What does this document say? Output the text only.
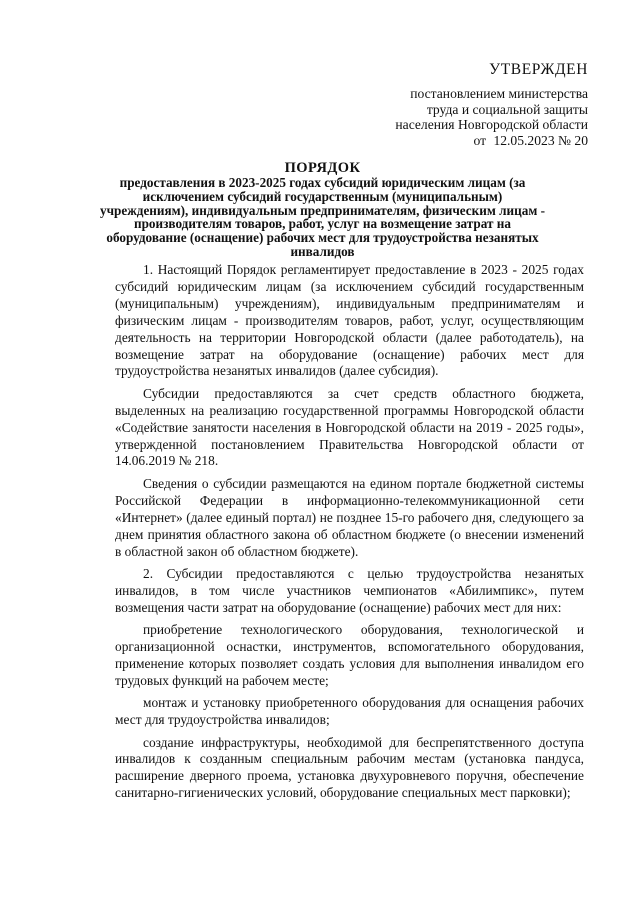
УТВЕРЖДЕН
постановлением министерства
труда и социальной защиты
населения Новгородской области
от 12.05.2023 № 20
ПОРЯДОК
предоставления в 2023-2025 годах субсидий юридическим лицам (за исключением субсидий государственным (муниципальным) учреждениям), индивидуальным предпринимателям, физическим лицам - производителям товаров, работ, услуг на возмещение затрат на оборудование (оснащение) рабочих мест для трудоустройства незанятых инвалидов

1. Настоящий Порядок регламентирует предоставление в 2023 - 2025 годах субсидий юридическим лицам (за исключением субсидий государственным (муниципальным) учреждениям), индивидуальным предпринимателям и физическим лицам - производителям товаров, работ, услуг, осуществляющим деятельность на территории Новгородской области (далее работодатель), на возмещение затрат на оборудование (оснащение) рабочих мест для трудоустройства незанятых инвалидов (далее субсидия).

Субсидии предоставляются за счет средств областного бюджета, выделенных на реализацию государственной программы Новгородской области «Содействие занятости населения в Новгородской области на 2019 - 2025 годы», утвержденной постановлением Правительства Новгородской области от 14.06.2019 № 218.

Сведения о субсидии размещаются на едином портале бюджетной системы Российской Федерации в информационно-телекоммуникационной сети «Интернет» (далее единый портал) не позднее 15-го рабочего дня, следующего за днем принятия областного закона об областном бюджете (о внесении изменений в областной закон об областном бюджете).

2. Субсидии предоставляются с целью трудоустройства незанятых инвалидов, в том числе участников чемпионатов «Абилимпикс», путем возмещения части затрат на оборудование (оснащение) рабочих мест для них:

приобретение технологического оборудования, технологической и организационной оснастки, инструментов, вспомогательного оборудования, применение которых позволяет создать условия для выполнения инвалидом его трудовых функций на рабочем месте;

монтаж и установку приобретенного оборудования для оснащения рабочих мест для трудоустройства инвалидов;

создание инфраструктуры, необходимой для беспрепятственного доступа инвалидов к созданным специальным рабочим местам (установка пандуса, расширение дверного проема, установка двухуровневого поручня, обеспечение санитарно-гигиенических условий, оборудование специальных мест парковки);
